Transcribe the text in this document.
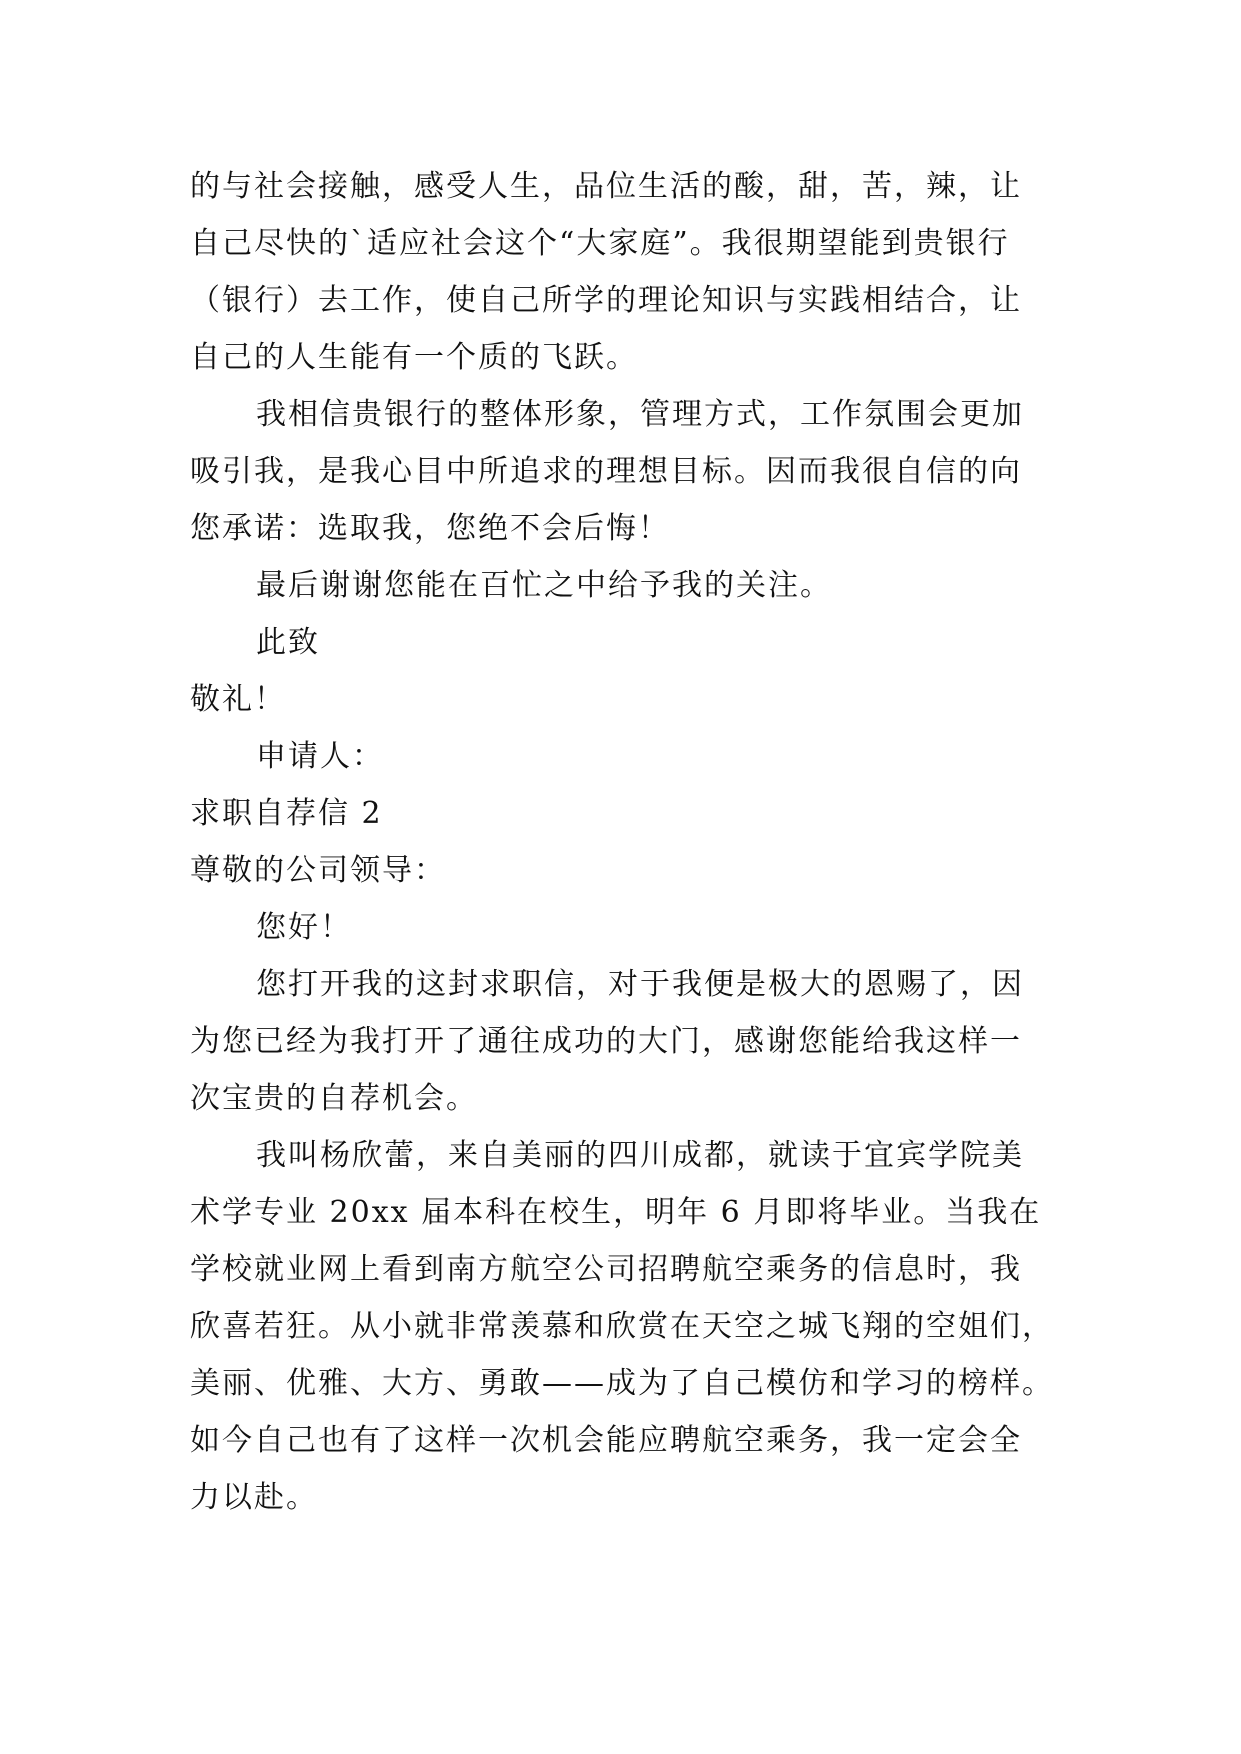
的与社会接触，感受人生，品位生活的酸，甜，苦，辣，让
自己尽快的`适应社会这个“大家庭”。我很期望能到贵银行
（银行）去工作，使自己所学的理论知识与实践相结合，让
自己的人生能有一个质的飞跃。
我相信贵银行的整体形象，管理方式，工作氛围会更加
吸引我，是我心目中所追求的理想目标。因而我很自信的向
您承诺：选取我，您绝不会后悔！
最后谢谢您能在百忙之中给予我的关注。
此致
敬礼！
申请人：
求职自荐信 2
尊敬的公司领导：
您好！
您打开我的这封求职信，对于我便是极大的恩赐了，因
为您已经为我打开了通往成功的大门，感谢您能给我这样一
次宝贵的自荐机会。
我叫杨欣蕾，来自美丽的四川成都，就读于宜宾学院美
术学专业 20xx 届本科在校生，明年 6 月即将毕业。当我在
学校就业网上看到南方航空公司招聘航空乘务的信息时，我
欣喜若狂。从小就非常羡慕和欣赏在天空之城飞翔的空姐们，
美丽、优雅、大方、勇敢——成为了自己模仿和学习的榜样。
如今自己也有了这样一次机会能应聘航空乘务，我一定会全
力以赴。
